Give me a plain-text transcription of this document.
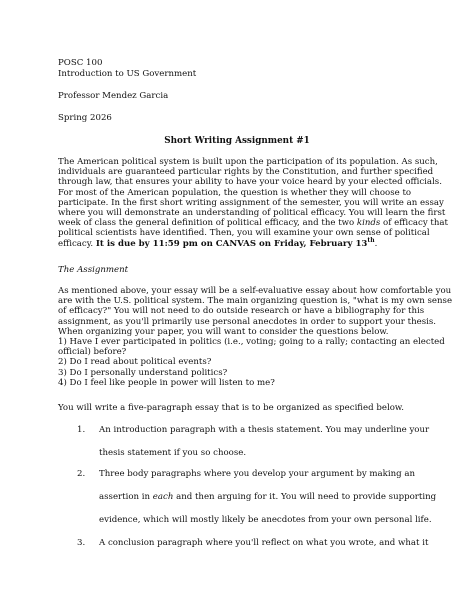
POSC 100
Introduction to US Government
Professor Mendez Garcia
Spring 2026
Short Writing Assignment #1

The American political system is built upon the participation of its population. As such,

individuals are guaranteed particular rights by the Constitution, and further specified

through law, that ensures your ability to have your voice heard by your elected officials.

For most of the American population, the question is whether they will choose to

participate. In the first short writing assignment of the semester, you will write an essay

where you will demonstrate an understanding of political efficacy. You will learn the first

week of class the general definition of political efficacy, and the two kinds of efficacy that

political scientists have identified. Then, you will examine your own sense of political

efficacy. It is due by 11:59 pm on CANVAS on Friday, February 13th.

The Assignment

As mentioned above, your essay will be a self-evaluative essay about how comfortable you

are with the U.S. political system. The main organizing question is, "what is my own sense

of efficacy?" You will not need to do outside research or have a bibliography for this

assignment, as you'll primarily use personal anecdotes in order to support your thesis.

When organizing your paper, you will want to consider the questions below.

1) Have I ever participated in politics (i.e., voting; going to a rally; contacting an elected

official) before?

2) Do I read about political events?

3) Do I personally understand politics?

4) Do I feel like people in power will listen to me?

You will write a five-paragraph essay that is to be organized as specified below.
1. An introduction paragraph with a thesis statement. You may underline your
thesis statement if you so choose.
2. Three body paragraphs where you develop your argument by making an
assertion in each and then arguing for it. You will need to provide supporting
evidence, which will mostly likely be anecdotes from your own personal life.
3. A conclusion paragraph where you'll reflect on what you wrote, and what it
